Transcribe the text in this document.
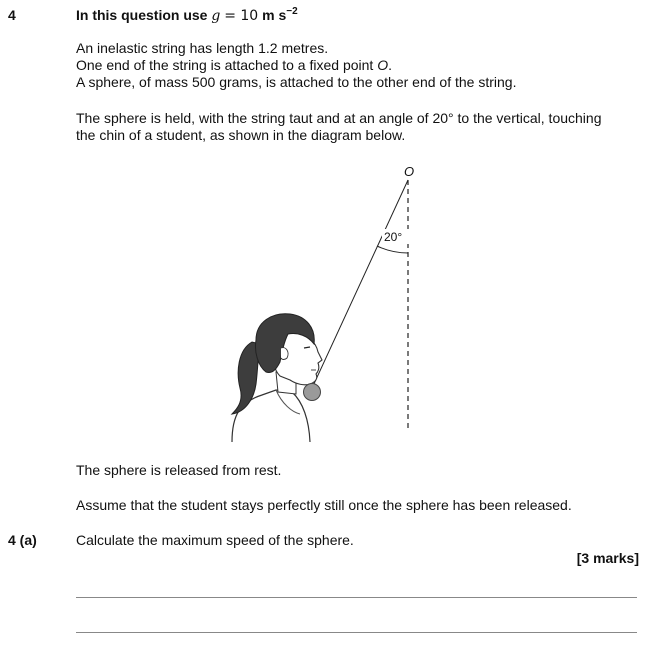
4	In this question use g = 10 m $s^{-2}$
An inelastic string has length 1.2 metres.
One end of the string is attached to a fixed point O.
A sphere, of mass 500 grams, is attached to the other end of the string.
The sphere is held, with the string taut and at an angle of 20° to the vertical, touching
the chin of a student, as shown in the diagram below.
20°
O
The sphere is released from rest.
Assume that the student stays perfectly still once the sphere has been released.
4 (a)	Calculate the maximum speed of the sphere.
[3 marks]
